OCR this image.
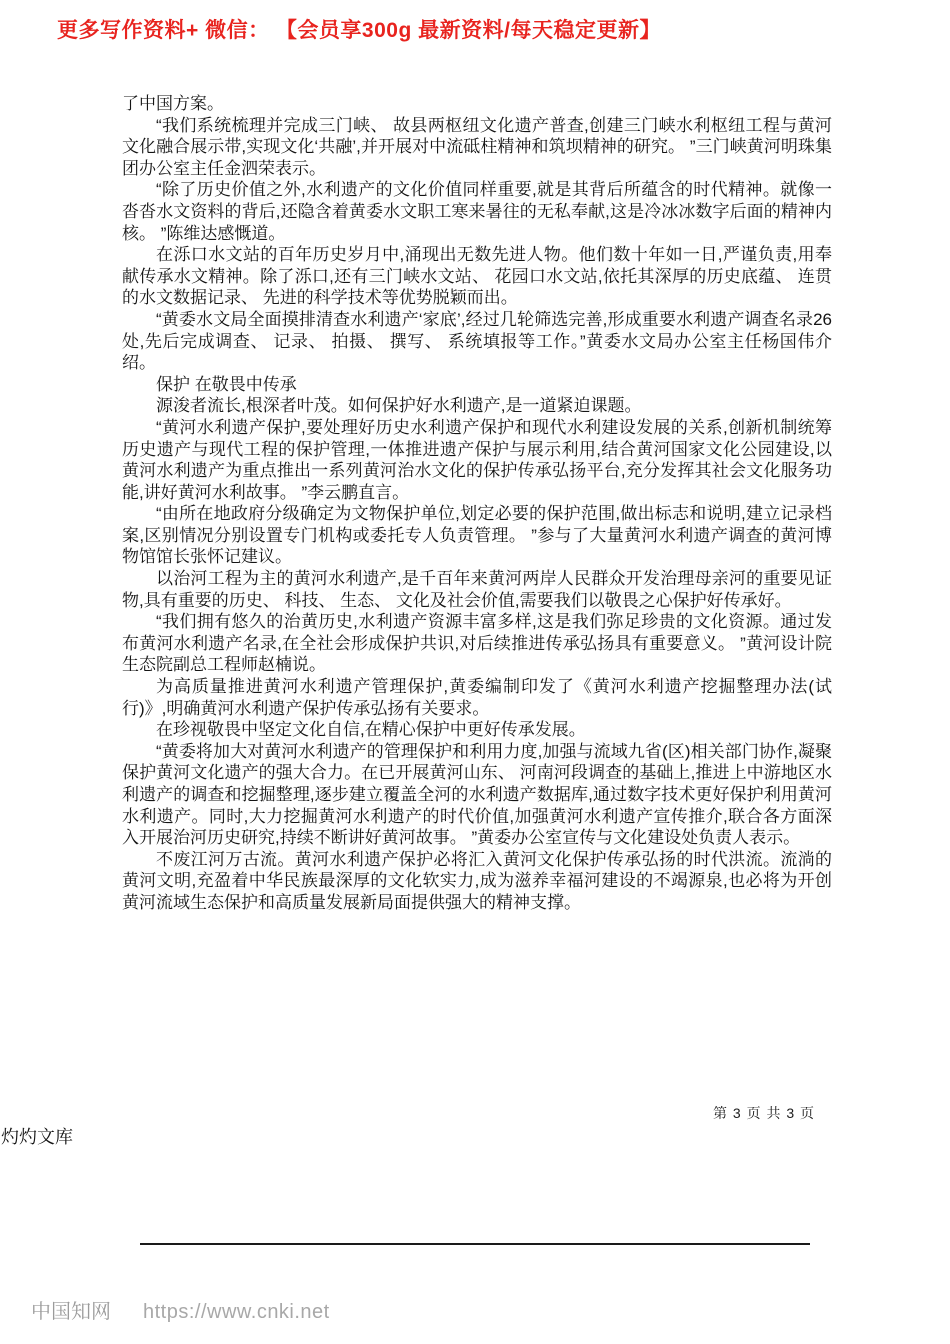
更多写作资料+ 微信： 【会员享300g 最新资料/每天稳定更新】

了中国方案。

“我们系统梳理并完成三门峡、 故县两枢纽文化遗产普查,创建三门峡水利枢纽工程与黄河文化融合展示带,实现文化‘共融’,并开展对中流砥柱精神和筑坝精神的研究。 ”三门峡黄河明珠集团办公室主任金泗荣表示。

“除了历史价值之外,水利遗产的文化价值同样重要,就是其背后所蕴含的时代精神。就像一沓沓水文资料的背后,还隐含着黄委水文职工寒来暑往的无私奉献,这是冷冰冰数字后面的精神内核。 ”陈维达感慨道。

在泺口水文站的百年历史岁月中,涌现出无数先进人物。他们数十年如一日,严谨负责,用奉献传承水文精神。除了泺口,还有三门峡水文站、 花园口水文站,依托其深厚的历史底蕴、 连贯的水文数据记录、 先进的科学技术等优势脱颖而出。

“黄委水文局全面摸排清查水利遗产‘家底’,经过几轮筛选完善,形成重要水利遗产调查名录26 处,先后完成调查、 记录、 拍摄、 撰写、 系统填报等工作。”黄委水文局办公室主任杨国伟介绍。

保护 在敬畏中传承

源浚者流长,根深者叶茂。如何保护好水利遗产,是一道紧迫课题。

“黄河水利遗产保护,要处理好历史水利遗产保护和现代水利建设发展的关系,创新机制统筹历史遗产与现代工程的保护管理,一体推进遗产保护与展示利用,结合黄河国家文化公园建设,以黄河水利遗产为重点推出一系列黄河治水文化的保护传承弘扬平台,充分发挥其社会文化服务功能,讲好黄河水利故事。 ”李云鹏直言。

“由所在地政府分级确定为文物保护单位,划定必要的保护范围,做出标志和说明,建立记录档案,区别情况分别设置专门机构或委托专人负责管理。 ”参与了大量黄河水利遗产调查的黄河博物馆馆长张怀记建议。

以治河工程为主的黄河水利遗产,是千百年来黄河两岸人民群众开发治理母亲河的重要见证物,具有重要的历史、 科技、 生态、 文化及社会价值,需要我们以敬畏之心保护好传承好。

“我们拥有悠久的治黄历史,水利遗产资源丰富多样,这是我们弥足珍贵的文化资源。通过发布黄河水利遗产名录,在全社会形成保护共识,对后续推进传承弘扬具有重要意义。 ”黄河设计院生态院副总工程师赵楠说。

为高质量推进黄河水利遗产管理保护,黄委编制印发了《黄河水利遗产挖掘整理办法(试行)》,明确黄河水利遗产保护传承弘扬有关要求。

在珍视敬畏中坚定文化自信,在精心保护中更好传承发展。

“黄委将加大对黄河水利遗产的管理保护和利用力度,加强与流域九省(区)相关部门协作,凝聚保护黄河文化遗产的强大合力。在已开展黄河山东、 河南河段调查的基础上,推进上中游地区水利遗产的调查和挖掘整理,逐步建立覆盖全河的水利遗产数据库,通过数字技术更好保护利用黄河水利遗产。同时,大力挖掘黄河水利遗产的时代价值,加强黄河水利遗产宣传推介,联合各方面深入开展治河历史研究,持续不断讲好黄河故事。 ”黄委办公室宣传与文化建设处负责人表示。

不废江河万古流。黄河水利遗产保护必将汇入黄河文化保护传承弘扬的时代洪流。流淌的黄河文明,充盈着中华民族最深厚的文化软实力,成为滋养幸福河建设的不竭源泉,也必将为开创黄河流域生态保护和高质量发展新局面提供强大的精神支撑。

第 3 页 共 3 页
灼灼文库
中国知网 https://www.cnki.net
